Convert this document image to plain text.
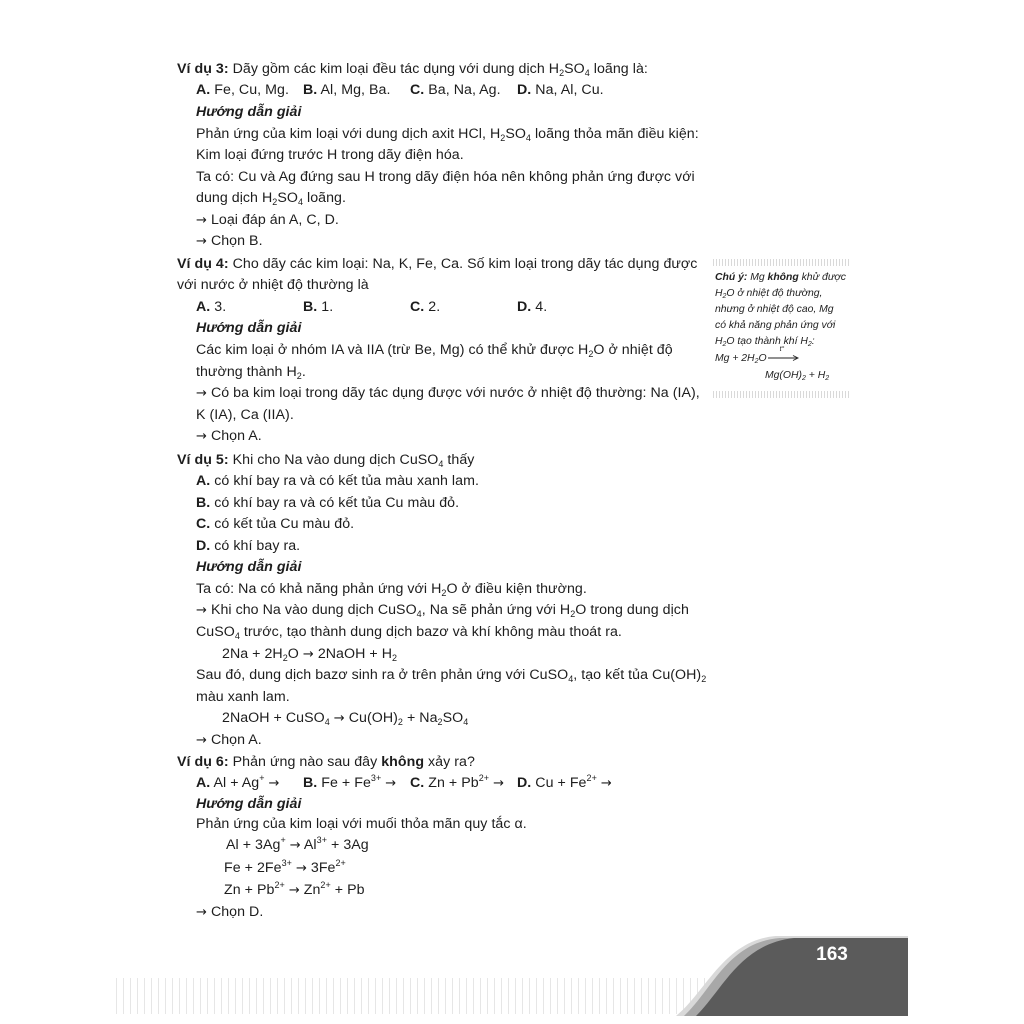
Ví dụ 3: Dãy gồm các kim loại đều tác dụng với dung dịch $H_2SO_4$ loãng là:
A. Fe, Cu, Mg. B. Al, Mg, Ba. C. Ba, Na, Ag. D. Na, Al, Cu.
Hướng dẫn giải
Phản ứng của kim loại với dung dịch axit HCl, $H_2SO_4$ loãng thỏa mãn điều kiện:
Kim loại đứng trước H trong dãy điện hóa.
Ta có: Cu và Ag đứng sau H trong dãy điện hóa nên không phản ứng được với
dung dịch $H_2SO_4$ loãng.
→ Loại đáp án A, C, D.
→ Chọn B.
Ví dụ 4: Cho dãy các kim loại: Na, K, Fe, Ca. Số kim loại trong dãy tác dụng được
với nước ở nhiệt độ thường là
A. 3.	B. 1.	C. 2.	D. 4.
Hướng dẫn giải
Các kim loại ở nhóm IA và IIA (trừ Be, Mg) có thể khử được $H_2O$ ở nhiệt độ
thường thành $H_2$.
→ Có ba kim loại trong dãy tác dụng được với nước ở nhiệt độ thường: Na (IA),
K (IA), Ca (IIA).
→ Chọn A.
Ví dụ 5: Khi cho Na vào dung dịch CuSO$_4$ thấy
A. có khí bay ra và có kết tủa màu xanh lam.
B. có khí bay ra và có kết tủa Cu màu đỏ.
C. có kết tủa Cu màu đỏ.
D. có khí bay ra.
Hướng dẫn giải
Ta có: Na có khả năng phản ứng với $H_2O$ ở điều kiện thường.
→ Khi cho Na vào dung dịch CuSO$_4$, Na sẽ phản ứng với $H_2O$ trong dung dịch
CuSO$_4$ trước, tạo thành dung dịch bazơ và khí không màu thoát ra.
$2Na + 2H_2O$ → 2NaOH + $H_2$
Sau đó, dung dịch bazơ sinh ra ở trên phản ứng với CuSO$_4$, tạo kết tủa $Cu(OH)_2$
màu xanh lam.
2NaOH + CuSO$_4$ → $Cu(OH)_2 + Na_2SO_4$
→ Chọn A.
Ví dụ 6: Phản ứng nào sau đây không xảy ra?
A. Al + Ag+ → B. $Fe + Fe^{3+} \to C$. $Zn + Pb^{2+} \to D$. $Cu + Fe^{2+}$ →
Hướng dẫn giải
Phản ứng của kim loại với muối thỏa mãn quy tắc α.
$Al + 3Ag^+ \to Al^{3+} + 3Ag$
$Fe + 2Fe^{3+} \to 3Fe^{2+}$
$Zn + Pb^{2+} \to Zn^{2+} + Pb$
→ Chọn D.
Chú ý: Mg không khử được
$H_2O$ ở nhiệt độ thường,
nhưng ở nhiệt độ cao, Mg
có khả năng phản ứng với
$H_2O$ tạo thành khí $H_2$:
$Mg + 2H_2O$
t°
$Mg(OH)_2 + H_2$
163
